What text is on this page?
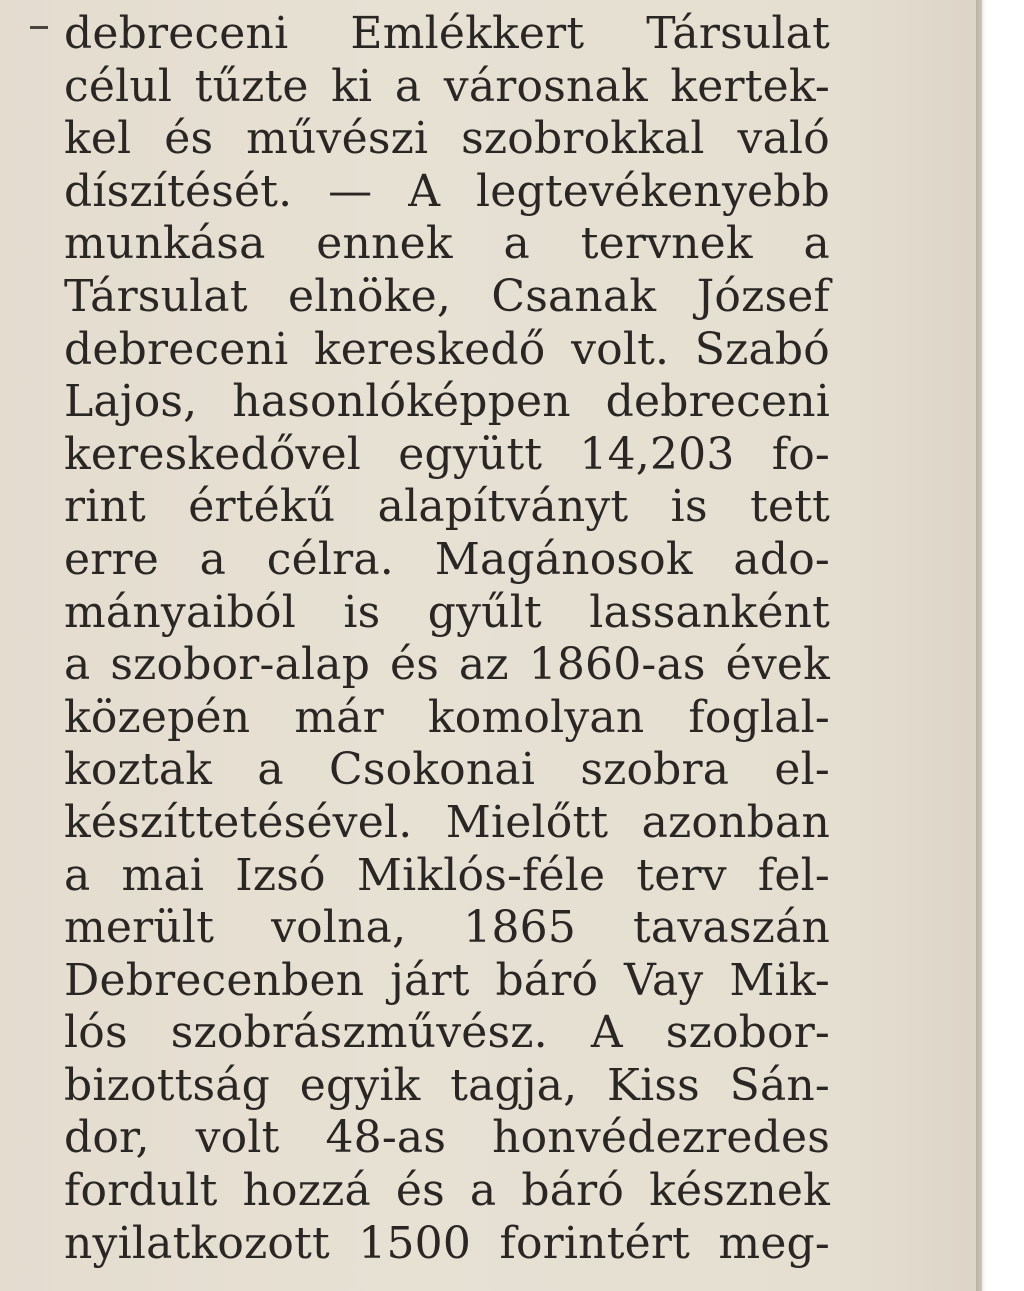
debreceni Emlékkert Társulat
célul tűzte ki a városnak kertek-
kel és művészi szobrokkal való
díszítését. — A legtevékenyebb
munkása ennek a tervnek a
Társulat elnöke, Csanak József
debreceni kereskedő volt. Szabó
Lajos, hasonlóképpen debreceni
kereskedővel együtt 14,203 fo-
rint értékű alapítványt is tett
erre a célra. Magánosok ado-
mányaiból is gyűlt lassanként
a szobor-alap és az 1860-as évek
közepén már komolyan foglal-
koztak a Csokonai szobra el-
készíttetésével. Mielőtt azonban
a mai Izsó Miklós-féle terv fel-
merült volna, 1865 tavaszán
Debrecenben járt báró Vay Mik-
lós szobrászművész. A szobor-
bizottság egyik tagja, Kiss Sán-
dor, volt 48-as honvédezredes
fordult hozzá és a báró késznek
nyilatkozott 1500 forintért meg-
